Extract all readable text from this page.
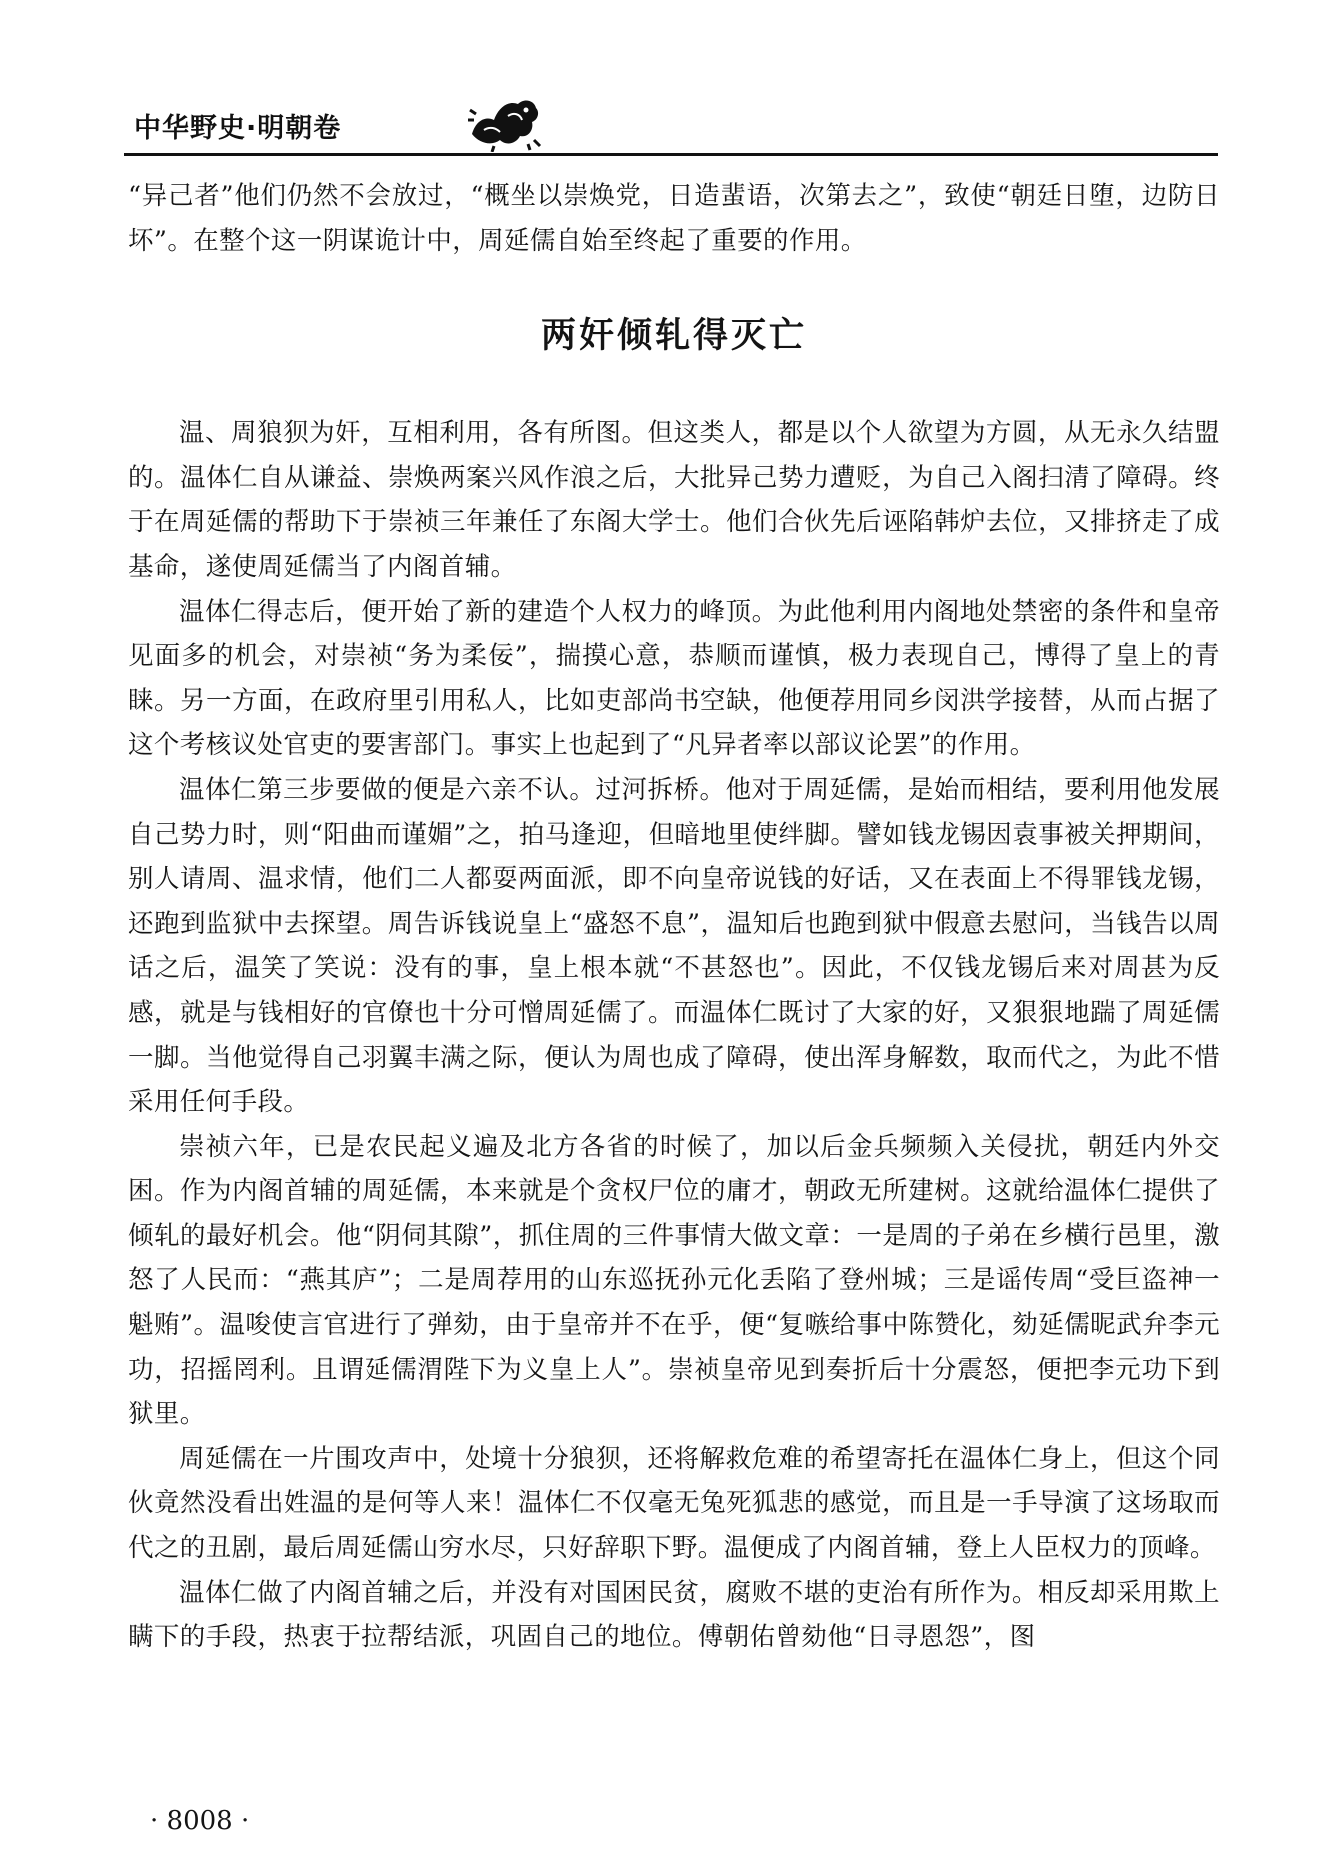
中华野史·明朝卷

“异己者”他们仍然不会放过，“概坐以崇焕党，日造蜚语，次第去之”，致使“朝廷日堕，边防日坏”。在整个这一阴谋诡计中，周延儒自始至终起了重要的作用。

两奸倾轧得灭亡

温、周狼狈为奸，互相利用，各有所图。但这类人，都是以个人欲望为方圆，从无永久结盟的。温体仁自从谦益、崇焕两案兴风作浪之后，大批异己势力遭贬，为自己入阁扫清了障碍。终于在周延儒的帮助下于崇祯三年兼任了东阁大学士。他们合伙先后诬陷韩炉去位，又排挤走了成基命，遂使周延儒当了内阁首辅。

温体仁得志后，便开始了新的建造个人权力的峰顶。为此他利用内阁地处禁密的条件和皇帝见面多的机会，对崇祯“务为柔佞”，揣摸心意，恭顺而谨慎，极力表现自己，博得了皇上的青睐。另一方面，在政府里引用私人，比如吏部尚书空缺，他便荐用同乡闵洪学接替，从而占据了这个考核议处官吏的要害部门。事实上也起到了“凡异者率以部议论罢”的作用。

温体仁第三步要做的便是六亲不认。过河拆桥。他对于周延儒，是始而相结，要利用他发展自己势力时，则“阳曲而谨媚”之，拍马逢迎，但暗地里使绊脚。譬如钱龙锡因袁事被关押期间，别人请周、温求情，他们二人都耍两面派，即不向皇帝说钱的好话，又在表面上不得罪钱龙锡，还跑到监狱中去探望。周告诉钱说皇上“盛怒不息”，温知后也跑到狱中假意去慰问，当钱告以周话之后，温笑了笑说：没有的事，皇上根本就“不甚怒也”。因此，不仅钱龙锡后来对周甚为反感，就是与钱相好的官僚也十分可憎周延儒了。而温体仁既讨了大家的好，又狠狠地踹了周延儒一脚。当他觉得自己羽翼丰满之际，便认为周也成了障碍，使出浑身解数，取而代之，为此不惜采用任何手段。

崇祯六年，已是农民起义遍及北方各省的时候了，加以后金兵频频入关侵扰，朝廷内外交困。作为内阁首辅的周延儒，本来就是个贪权尸位的庸才，朝政无所建树。这就给温体仁提供了倾轧的最好机会。他“阴伺其隙”，抓住周的三件事情大做文章：一是周的子弟在乡横行邑里，激怒了人民而：“燕其庐”；二是周荐用的山东巡抚孙元化丢陷了登州城；三是谣传周“受巨盗神一魁贿”。温唆使言官进行了弹劾，由于皇帝并不在乎，便“复嗾给事中陈赞化，劾延儒昵武弁李元功，招摇罔利。且谓延儒渭陛下为义皇上人”。崇祯皇帝见到奏折后十分震怒，便把李元功下到狱里。

周延儒在一片围攻声中，处境十分狼狈，还将解救危难的希望寄托在温体仁身上，但这个同伙竟然没看出姓温的是何等人来！温体仁不仅毫无兔死狐悲的感觉，而且是一手导演了这场取而代之的丑剧，最后周延儒山穷水尽，只好辞职下野。温便成了内阁首辅，登上人臣权力的顶峰。

温体仁做了内阁首辅之后，并没有对国困民贫，腐败不堪的吏治有所作为。相反却采用欺上瞒下的手段，热衷于拉帮结派，巩固自己的地位。傅朝佑曾劾他“日寻恩怨”，图

· 8008 ·
